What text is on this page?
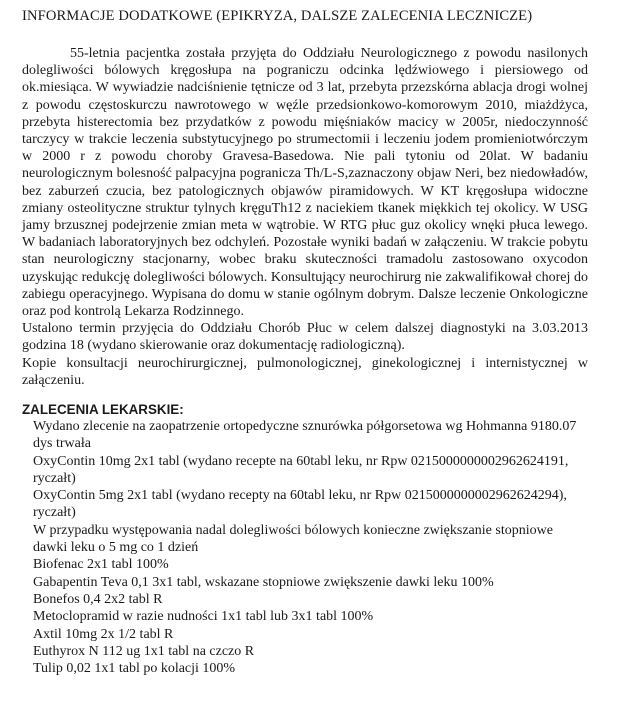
INFORMACJE DODATKOWE (EPIKRYZA, DALSZE ZALECENIA LECZNICZE)

55-letnia pacjentka została przyjęta do Oddziału Neurologicznego z powodu nasilonych dolegliwości bólowych kręgosłupa na pograniczu odcinka lędźwiowego i piersiowego od ok.miesiąca. W wywiadzie nadciśnienie tętnicze od 3 lat, przebyta przezskórna ablacja drogi wolnej z powodu częstoskurczu nawrotowego w węźle przedsionkowo-komorowym 2010, miażdżyca, przebyta histerectomia bez przydatków z powodu mięśniaków macicy w 2005r, niedoczynność tarczycy w trakcie leczenia substytucyjnego po strumectomii i leczeniu jodem promieniotwórczym w 2000 r z powodu choroby Gravesa-Basedowa. Nie pali tytoniu od 20lat. W badaniu neurologicznym bolesność palpacyjna pogranicza Th/L-S,zaznaczony objaw Neri, bez niedowładów, bez zaburzeń czucia, bez patologicznych objawów piramidowych. W KT kręgosłupa widoczne zmiany osteolityczne struktur tylnych kręguTh12 z naciekiem tkanek miękkich tej okolicy. W USG jamy brzusznej podejrzenie zmian meta w wątrobie. W RTG płuc guz okolicy wnęki płuca lewego. W badaniach laboratoryjnych bez odchyleń. Pozostałe wyniki badań w załączeniu. W trakcie pobytu stan neurologiczny stacjonarny, wobec braku skuteczności tramadolu zastosowano oxycodon uzyskując redukcję dolegliwości bólowych. Konsultujący neurochirurg nie zakwalifikował chorej do zabiegu operacyjnego. Wypisana do domu w stanie ogólnym dobrym. Dalsze leczenie Onkologiczne oraz pod kontrolą Lekarza Rodzinnego.

Ustalono termin przyjęcia do Oddziału Chorób Płuc w celem dalszej diagnostyki na 3.03.2013 godzina 18 (wydano skierowanie oraz dokumentację radiologiczną).

Kopie konsultacji neurochirurgicznej, pulmonologicznej, ginekologicznej i internistycznej w załączeniu.

ZALECENIA LEKARSKIE:

Wydano zlecenie na zaopatrzenie ortopedyczne sznurówka półgorsetowa wg Hohmanna 9180.07 dys trwała

OxyContin 10mg 2x1 tabl (wydano recepte na 60tabl leku, nr Rpw 0215000000002962624191, ryczałt)

OxyContin 5mg 2x1 tabl (wydano recepty na 60tabl leku, nr Rpw 0215000000002962624294), ryczałt)

W przypadku występowania nadal dolegliwości bólowych konieczne zwiększanie stopniowe dawki leku o 5 mg co 1 dzień

Biofenac 2x1 tabl 100%

Gabapentin Teva 0,1 3x1 tabl, wskazane stopniowe zwiększenie dawki leku 100%

Bonefos 0,4 2x2 tabl R

Metoclopramid w razie nudności 1x1 tabl lub 3x1 tabl 100%

Axtil 10mg 2x 1/2 tabl R

Euthyrox N 112 ug 1x1 tabl na czczo R

Tulip 0,02 1x1 tabl po kolacji 100%
